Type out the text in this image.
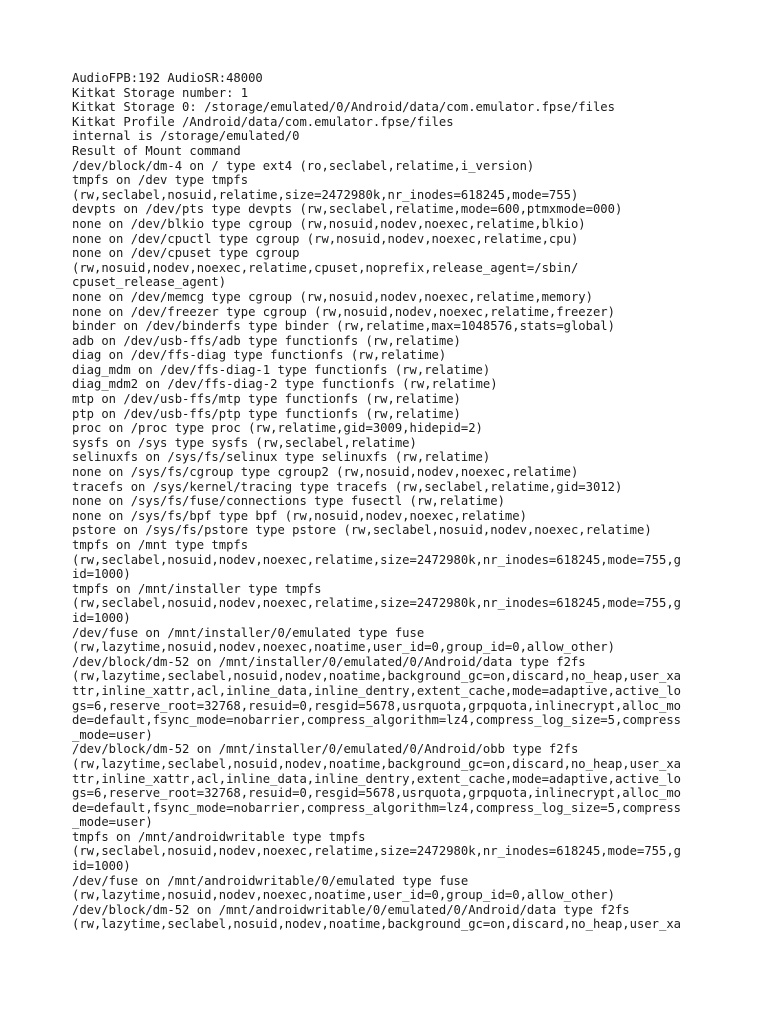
AudioFPB:192 AudioSR:48000
Kitkat Storage number: 1
Kitkat Storage 0: /storage/emulated/0/Android/data/com.emulator.fpse/files
Kitkat Profile /Android/data/com.emulator.fpse/files
internal is /storage/emulated/0
Result of Mount command
/dev/block/dm-4 on / type ext4 (ro,seclabel,relatime,i_version)
tmpfs on /dev type tmpfs
(rw,seclabel,nosuid,relatime,size=2472980k,nr_inodes=618245,mode=755)
devpts on /dev/pts type devpts (rw,seclabel,relatime,mode=600,ptmxmode=000)
none on /dev/blkio type cgroup (rw,nosuid,nodev,noexec,relatime,blkio)
none on /dev/cpuctl type cgroup (rw,nosuid,nodev,noexec,relatime,cpu)
none on /dev/cpuset type cgroup
(rw,nosuid,nodev,noexec,relatime,cpuset,noprefix,release_agent=/sbin/
cpuset_release_agent)
none on /dev/memcg type cgroup (rw,nosuid,nodev,noexec,relatime,memory)
none on /dev/freezer type cgroup (rw,nosuid,nodev,noexec,relatime,freezer)
binder on /dev/binderfs type binder (rw,relatime,max=1048576,stats=global)
adb on /dev/usb-ffs/adb type functionfs (rw,relatime)
diag on /dev/ffs-diag type functionfs (rw,relatime)
diag_mdm on /dev/ffs-diag-1 type functionfs (rw,relatime)
diag_mdm2 on /dev/ffs-diag-2 type functionfs (rw,relatime)
mtp on /dev/usb-ffs/mtp type functionfs (rw,relatime)
ptp on /dev/usb-ffs/ptp type functionfs (rw,relatime)
proc on /proc type proc (rw,relatime,gid=3009,hidepid=2)
sysfs on /sys type sysfs (rw,seclabel,relatime)
selinuxfs on /sys/fs/selinux type selinuxfs (rw,relatime)
none on /sys/fs/cgroup type cgroup2 (rw,nosuid,nodev,noexec,relatime)
tracefs on /sys/kernel/tracing type tracefs (rw,seclabel,relatime,gid=3012)
none on /sys/fs/fuse/connections type fusectl (rw,relatime)
none on /sys/fs/bpf type bpf (rw,nosuid,nodev,noexec,relatime)
pstore on /sys/fs/pstore type pstore (rw,seclabel,nosuid,nodev,noexec,relatime)
tmpfs on /mnt type tmpfs
(rw,seclabel,nosuid,nodev,noexec,relatime,size=2472980k,nr_inodes=618245,mode=755,g
id=1000)
tmpfs on /mnt/installer type tmpfs
(rw,seclabel,nosuid,nodev,noexec,relatime,size=2472980k,nr_inodes=618245,mode=755,g
id=1000)
/dev/fuse on /mnt/installer/0/emulated type fuse
(rw,lazytime,nosuid,nodev,noexec,noatime,user_id=0,group_id=0,allow_other)
/dev/block/dm-52 on /mnt/installer/0/emulated/0/Android/data type f2fs
(rw,lazytime,seclabel,nosuid,nodev,noatime,background_gc=on,discard,no_heap,user_xa
ttr,inline_xattr,acl,inline_data,inline_dentry,extent_cache,mode=adaptive,active_lo
gs=6,reserve_root=32768,resuid=0,resgid=5678,usrquota,grpquota,inlinecrypt,alloc_mo
de=default,fsync_mode=nobarrier,compress_algorithm=lz4,compress_log_size=5,compress
_mode=user)
/dev/block/dm-52 on /mnt/installer/0/emulated/0/Android/obb type f2fs
(rw,lazytime,seclabel,nosuid,nodev,noatime,background_gc=on,discard,no_heap,user_xa
ttr,inline_xattr,acl,inline_data,inline_dentry,extent_cache,mode=adaptive,active_lo
gs=6,reserve_root=32768,resuid=0,resgid=5678,usrquota,grpquota,inlinecrypt,alloc_mo
de=default,fsync_mode=nobarrier,compress_algorithm=lz4,compress_log_size=5,compress
_mode=user)
tmpfs on /mnt/androidwritable type tmpfs
(rw,seclabel,nosuid,nodev,noexec,relatime,size=2472980k,nr_inodes=618245,mode=755,g
id=1000)
/dev/fuse on /mnt/androidwritable/0/emulated type fuse
(rw,lazytime,nosuid,nodev,noexec,noatime,user_id=0,group_id=0,allow_other)
/dev/block/dm-52 on /mnt/androidwritable/0/emulated/0/Android/data type f2fs
(rw,lazytime,seclabel,nosuid,nodev,noatime,background_gc=on,discard,no_heap,user_xa
